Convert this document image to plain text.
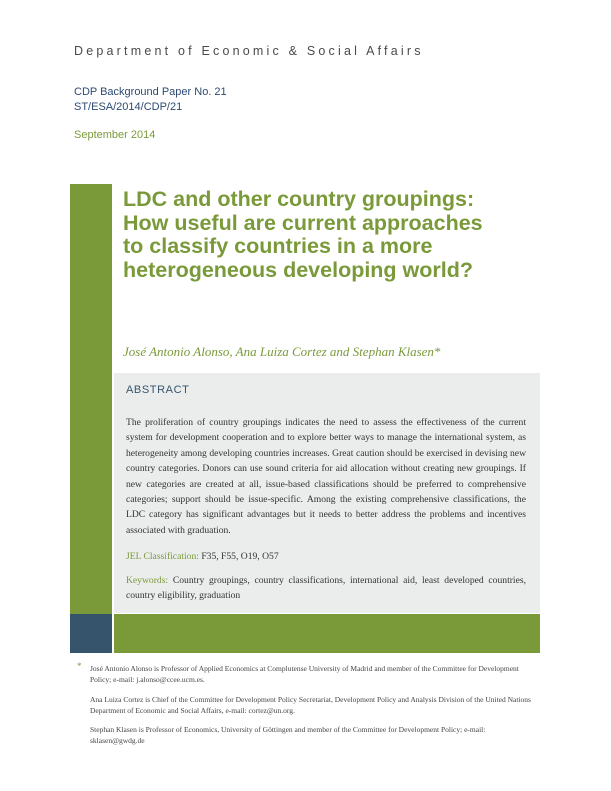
Department of Economic & Social Affairs
CDP Background Paper No. 21
ST/ESA/2014/CDP/21
September 2014
LDC and other country groupings:
How useful are current approaches
to classify countries in a more
heterogeneous developing world?
José Antonio Alonso, Ana Luiza Cortez and Stephan Klasen*
ABSTRACT
The proliferation of country groupings indicates the need to assess the effectiveness of the current system for development cooperation and to explore better ways to manage the international system, as heterogeneity among developing countries increases. Great caution should be exercised in devising new country categories. Donors can use sound criteria for aid allocation without creating new groupings. If new categories are created at all, issue-based classifications should be preferred to comprehensive categories; support should be issue-specific. Among the existing comprehensive classifications, the LDC category has significant advantages but it needs to better address the problems and incentives associated with graduation.
JEL Classification: F35, F55, O19, O57
Keywords: Country groupings, country classifications, international aid, least developed countries, country eligibility, graduation
* José Antonio Alonso is Professor of Applied Economics at Complutense University of Madrid and member of the Committee for Development Policy; e-mail: j.alonso@ccee.ucm.es.

Ana Luiza Cortez is Chief of the Committee for Development Policy Secretariat, Development Policy and Analysis Division of the United Nations Department of Economic and Social Affairs, e-mail: cortez@un.org.

Stephan Klasen is Professor of Economics, University of Göttingen and member of the Committee for Development Policy; e-mail: sklasen@gwdg.de
